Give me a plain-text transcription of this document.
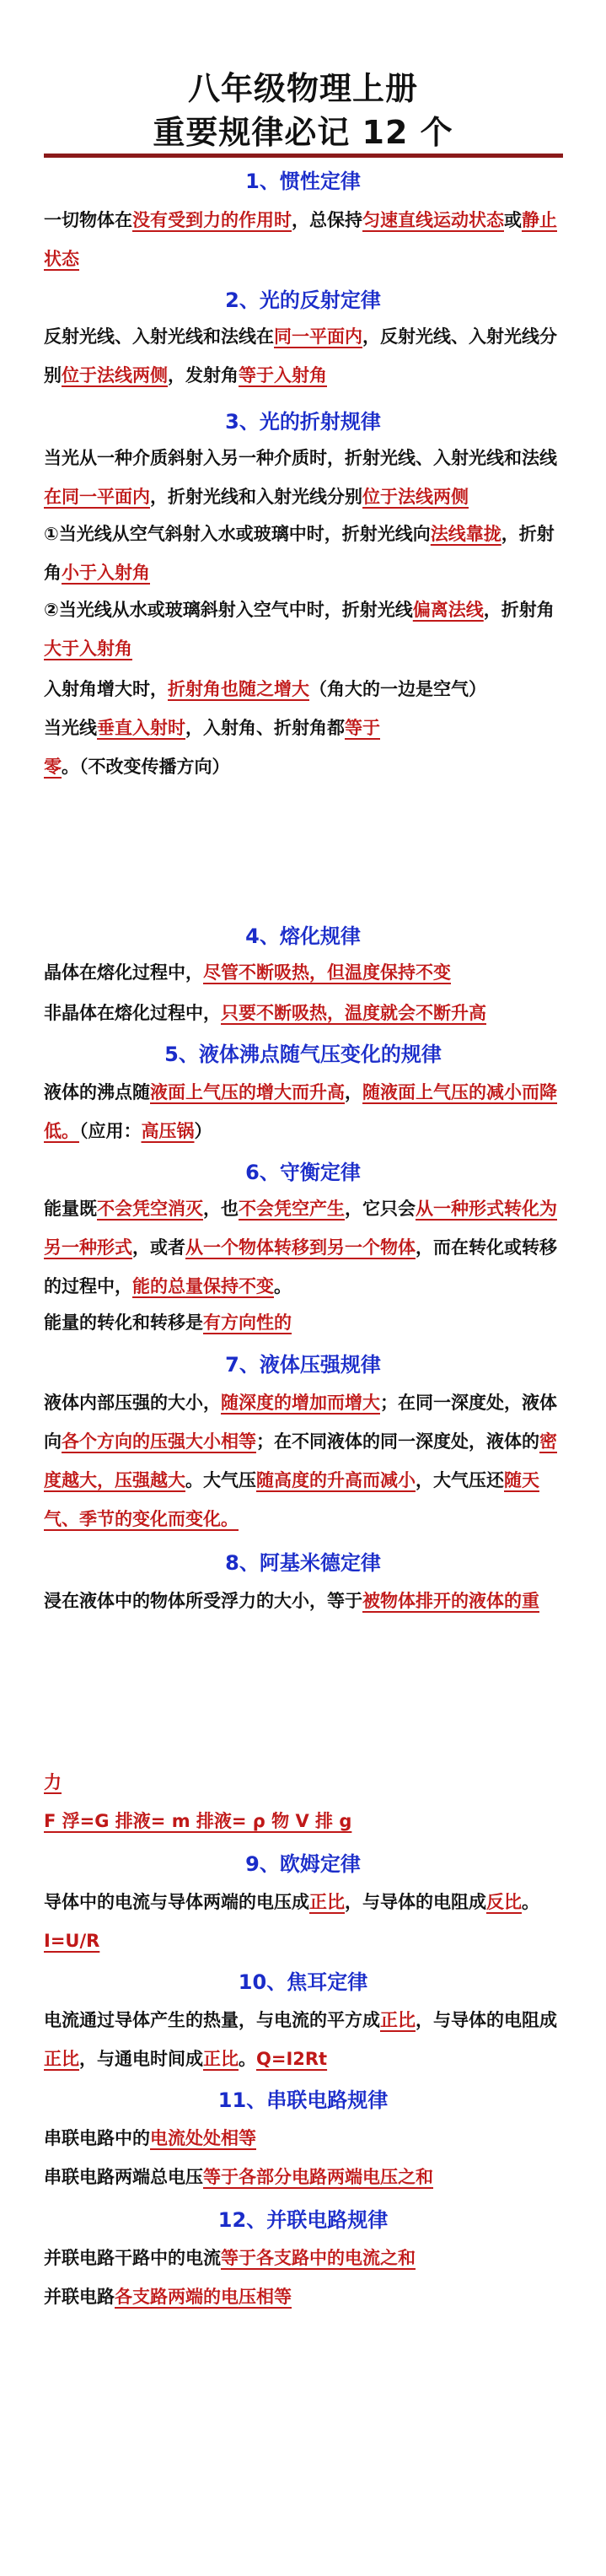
八年级物理上册
重要规律必记 12 个
1、惯性定律
一切物体在没有受到力的作用时，总保持匀速直线运动状态或静止状态
2、光的反射定律
反射光线、入射光线和法线在同一平面内，反射光线、入射光线分别位于法线两侧，发射角等于入射角
3、光的折射规律
当光从一种介质斜射入另一种介质时，折射光线、入射光线和法线在同一平面内，折射光线和入射光线分别位于法线两侧
①当光线从空气斜射入水或玻璃中时，折射光线向法线靠拢，折射角小于入射角
②当光线从水或玻璃斜射入空气中时，折射光线偏离法线，折射角大于入射角
入射角增大时，折射角也随之增大（角大的一边是空气）
当光线垂直入射时，入射角、折射角都等于零。（不改变传播方向）
4、熔化规律
晶体在熔化过程中，尽管不断吸热，但温度保持不变
非晶体在熔化过程中，只要不断吸热，温度就会不断升高
5、液体沸点随气压变化的规律
液体的沸点随液面上气压的增大而升高，随液面上气压的减小而降低。（应用：高压锅）
6、守衡定律
能量既不会凭空消灭，也不会凭空产生，它只会从一种形式转化为另一种形式，或者从一个物体转移到另一个物体，而在转化或转移的过程中，能的总量保持不变。
能量的转化和转移是有方向性的
7、液体压强规律
液体内部压强的大小，随深度的增加而增大；在同一深度处，液体向各个方向的压强大小相等；在不同液体的同一深度处，液体的密度越大，压强越大。大气压随高度的升高而减小，大气压还随天气、季节的变化而变化。
8、阿基米德定律
浸在液体中的物体所受浮力的大小，等于被物体排开的液体的重
力
F 浮=G 排液= m 排液= ρ 物 V 排 g
9、欧姆定律
导体中的电流与导体两端的电压成正比，与导体的电阻成反比。I=U/R
10、焦耳定律
电流通过导体产生的热量，与电流的平方成正比，与导体的电阻成正比，与通电时间成正比。Q=I2Rt
11、串联电路规律
串联电路中的电流处处相等
串联电路两端总电压等于各部分电路两端电压之和
12、并联电路规律
并联电路干路中的电流等于各支路中的电流之和
并联电路各支路两端的电压相等
